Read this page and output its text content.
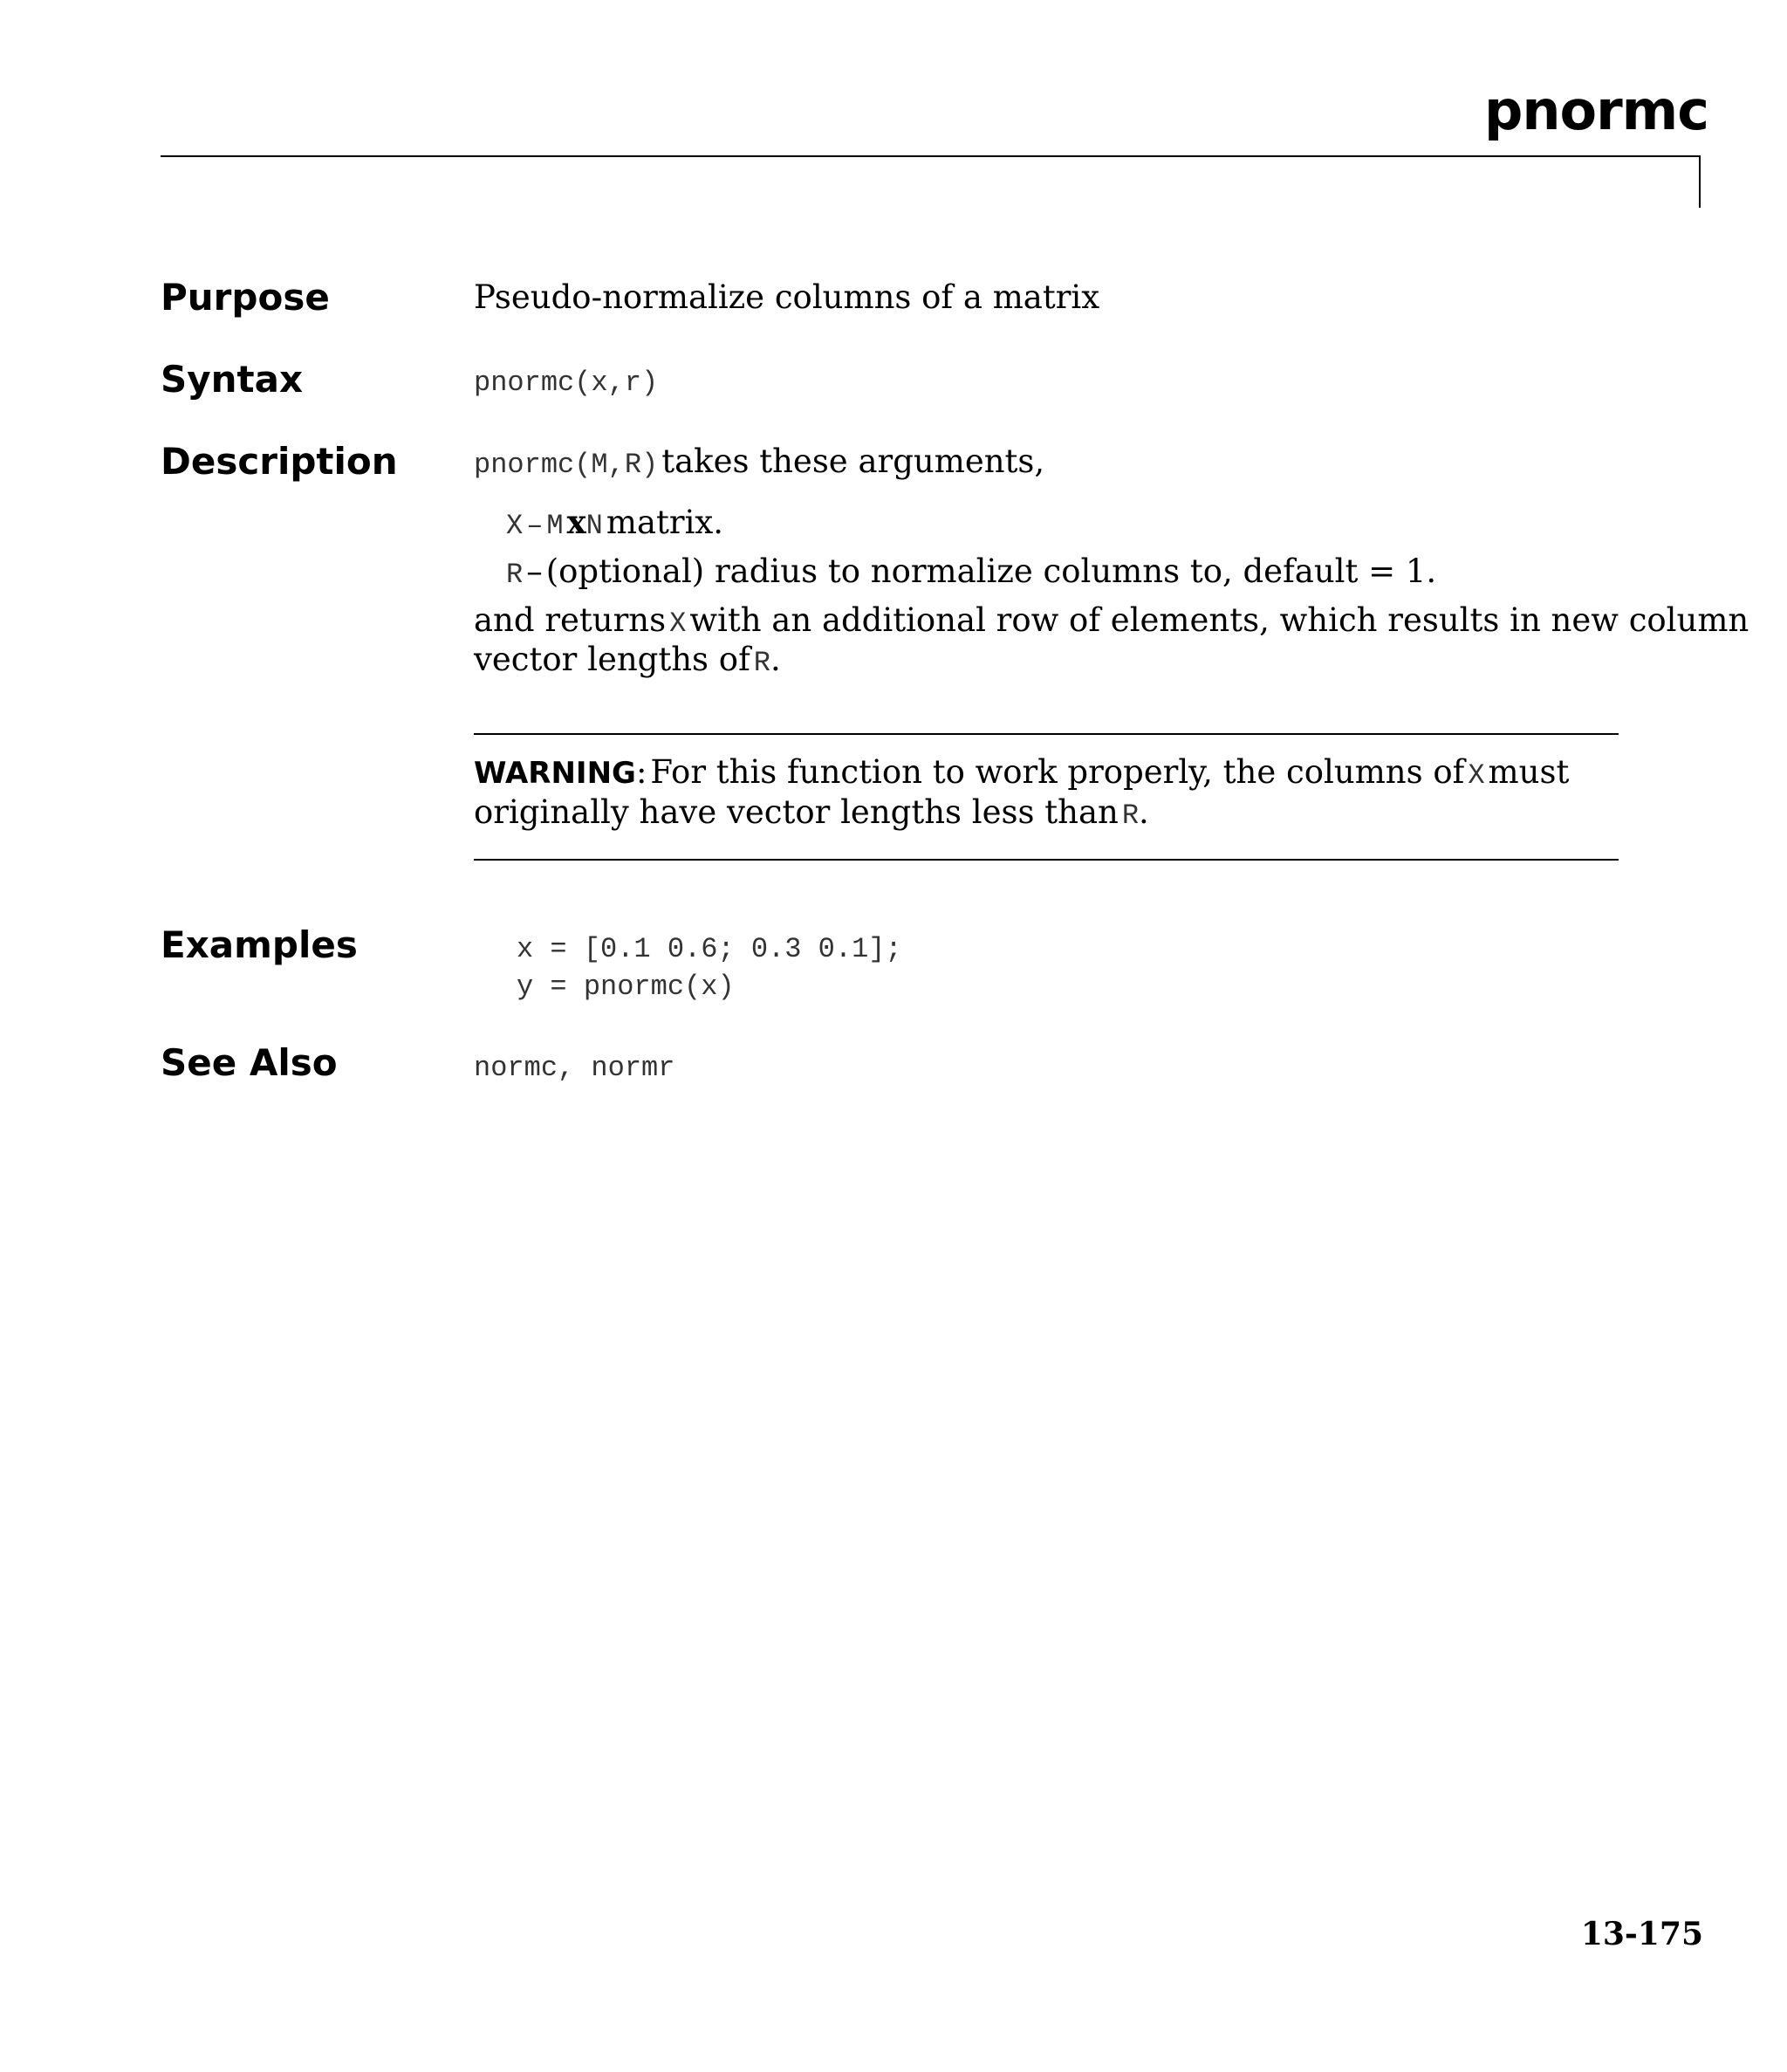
pnormc
Purpose	Pseudo-normalize columns of a matrix
Syntax	pnormc(x,r)
Description	pnormc(M,R) takes these arguments,
X – M xN matrix.
R – (optional) radius to normalize columns to, default = 1.
and returns X with an additional row of elements, which results in new column
vector lengths of R.
WARNING: For this function to work properly, the columns of X must
originally have vector lengths less than R.
Examples	x = [0.1 0.6; 0.3 0.1];
y = pnormc(x)
See Also	normc, normr
13-175
